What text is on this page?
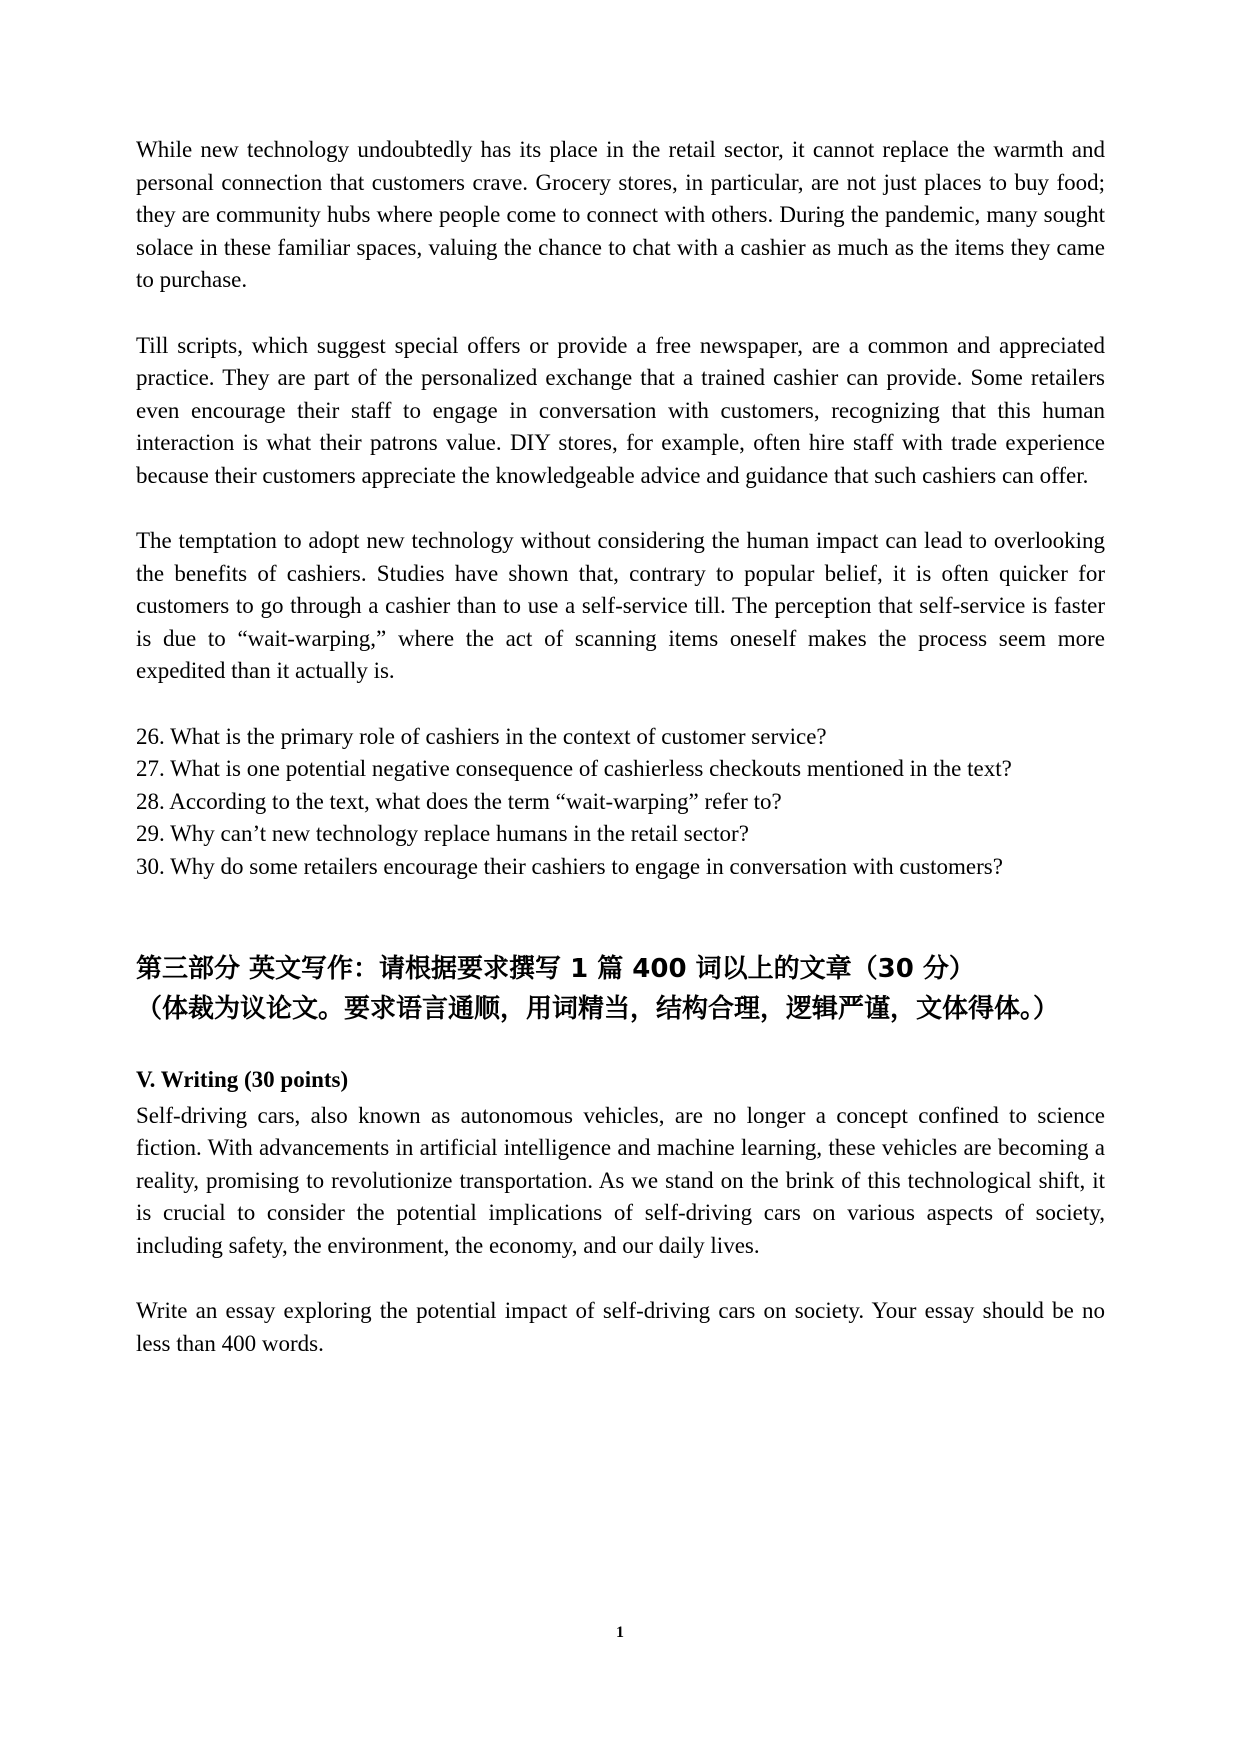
While new technology undoubtedly has its place in the retail sector, it cannot replace the warmth and personal connection that customers crave. Grocery stores, in particular, are not just places to buy food; they are community hubs where people come to connect with others. During the pandemic, many sought solace in these familiar spaces, valuing the chance to chat with a cashier as much as the items they came to purchase.

Till scripts, which suggest special offers or provide a free newspaper, are a common and appreciated practice. They are part of the personalized exchange that a trained cashier can provide. Some retailers even encourage their staff to engage in conversation with customers, recognizing that this human interaction is what their patrons value. DIY stores, for example, often hire staff with trade experience because their customers appreciate the knowledgeable advice and guidance that such cashiers can offer.

The temptation to adopt new technology without considering the human impact can lead to overlooking the benefits of cashiers. Studies have shown that, contrary to popular belief, it is often quicker for customers to go through a cashier than to use a self-service till. The perception that self-service is faster is due to “wait-warping,” where the act of scanning items oneself makes the process seem more expedited than it actually is.

26. What is the primary role of cashiers in the context of customer service?

27. What is one potential negative consequence of cashierless checkouts mentioned in the text?

28. According to the text, what does the term “wait-warping” refer to?

29. Why can’t new technology replace humans in the retail sector?

30. Why do some retailers encourage their cashiers to engage in conversation with customers?

第三部分 英文写作：请根据要求撰写 1 篇 400 词以上的文章（30 分）
（体裁为议论文。要求语言通顺，用词精当，结构合理，逻辑严谨，文体得体。）
V. Writing (30 points)

Self-driving cars, also known as autonomous vehicles, are no longer a concept confined to science fiction. With advancements in artificial intelligence and machine learning, these vehicles are becoming a reality, promising to revolutionize transportation. As we stand on the brink of this technological shift, it is crucial to consider the potential implications of self-driving cars on various aspects of society, including safety, the environment, the economy, and our daily lives.

Write an essay exploring the potential impact of self-driving cars on society. Your essay should be no less than 400 words.

1
